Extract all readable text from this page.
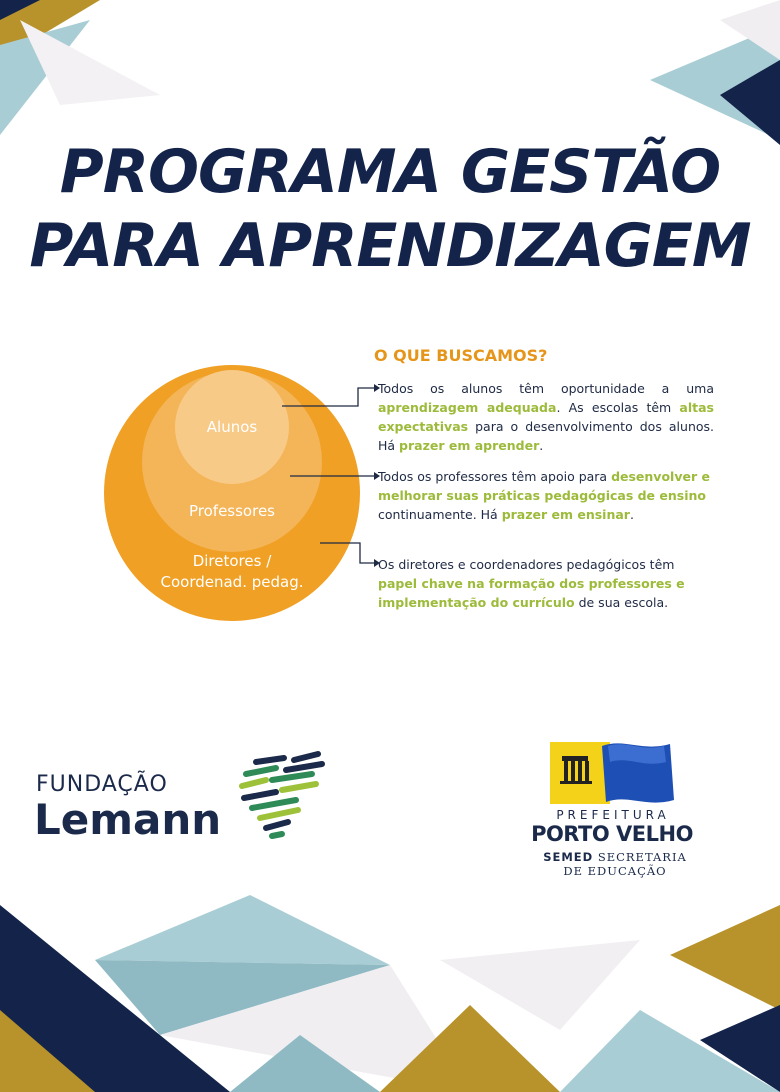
PROGRAMA GESTÃO
PARA APRENDIZAGEM
Alunos
Professores
Diretores /
Coordenad. pedag.
O QUE BUSCAMOS?
Todos os alunos têm oportunidade a uma aprendizagem adequada. As escolas têm altas expectativas para o desenvolvimento dos alunos. Há prazer em aprender.
Todos os professores têm apoio para desenvolver e melhorar suas práticas pedagógicas de ensino continuamente. Há prazer em ensinar.
Os diretores e coordenadores pedagógicos têm papel chave na formação dos professores e implementação do currículo de sua escola.
FUNDAÇÃO
Lemann	PREFEITURA
PORTO VELHO
SEMED SECRETARIA
DE EDUCAÇÃO
